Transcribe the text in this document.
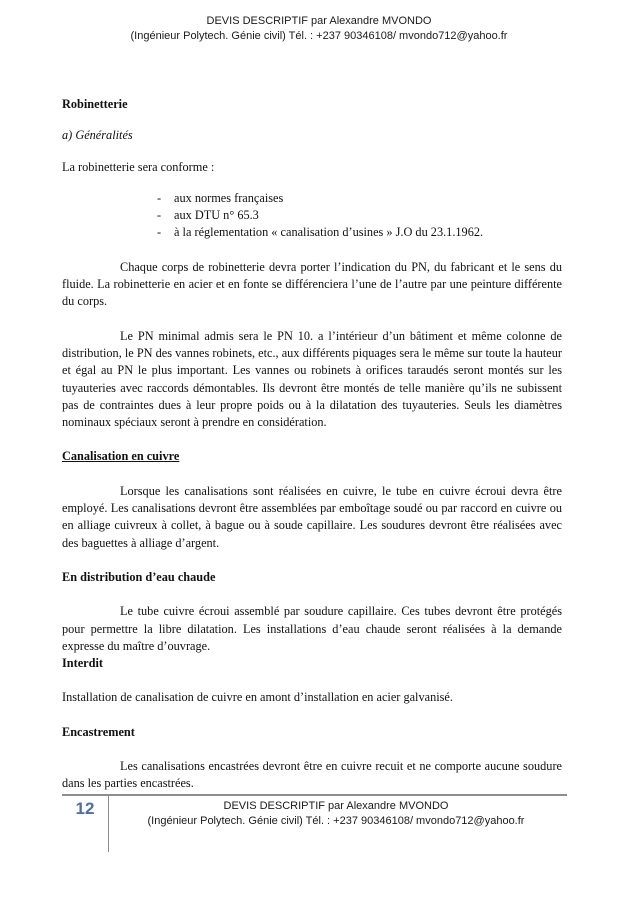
DEVIS DESCRIPTIF par Alexandre MVONDO
(Ingénieur Polytech. Génie civil) Tél. : +237 90346108/ mvondo712@yahoo.fr

Robinetterie

a) Généralités

La robinetterie sera conforme :

- aux normes françaises
- aux DTU n° 65.3
- à la réglementation « canalisation d’usines » J.O du 23.1.1962.

Chaque corps de robinetterie devra porter l’indication du PN, du fabricant et le sens du fluide. La robinetterie en acier et en fonte se différenciera l’une de l’autre par une peinture différente du corps.

Le PN minimal admis sera le PN 10. a l’intérieur d’un bâtiment et même colonne de distribution, le PN des vannes robinets, etc., aux différents piquages sera le même sur toute la hauteur et égal au PN le plus important. Les vannes ou robinets à orifices taraudés seront montés sur les tuyauteries avec raccords démontables. Ils devront être montés de telle manière qu’ils ne subissent pas de contraintes dues à leur propre poids ou à la dilatation des tuyauteries. Seuls les diamètres nominaux spéciaux seront à prendre en considération.

Canalisation en cuivre

Lorsque les canalisations sont réalisées en cuivre, le tube en cuivre écroui devra être employé. Les canalisations devront être assemblées par emboîtage soudé ou par raccord en cuivre ou en alliage cuivreux à collet, à bague ou à soude capillaire. Les soudures devront être réalisées avec des baguettes à alliage d’argent.

En distribution d’eau chaude

Le tube cuivre écroui assemblé par soudure capillaire. Ces tubes devront être protégés pour permettre la libre dilatation. Les installations d’eau chaude seront réalisées à la demande expresse du maître d’ouvrage.

Interdit

Installation de canalisation de cuivre en amont d’installation en acier galvanisé.

Encastrement

Les canalisations encastrées devront être en cuivre recuit et ne comporte aucune soudure dans les parties encastrées.

12	DEVIS DESCRIPTIF par Alexandre MVONDO
(Ingénieur Polytech. Génie civil) Tél. : +237 90346108/ mvondo712@yahoo.fr
